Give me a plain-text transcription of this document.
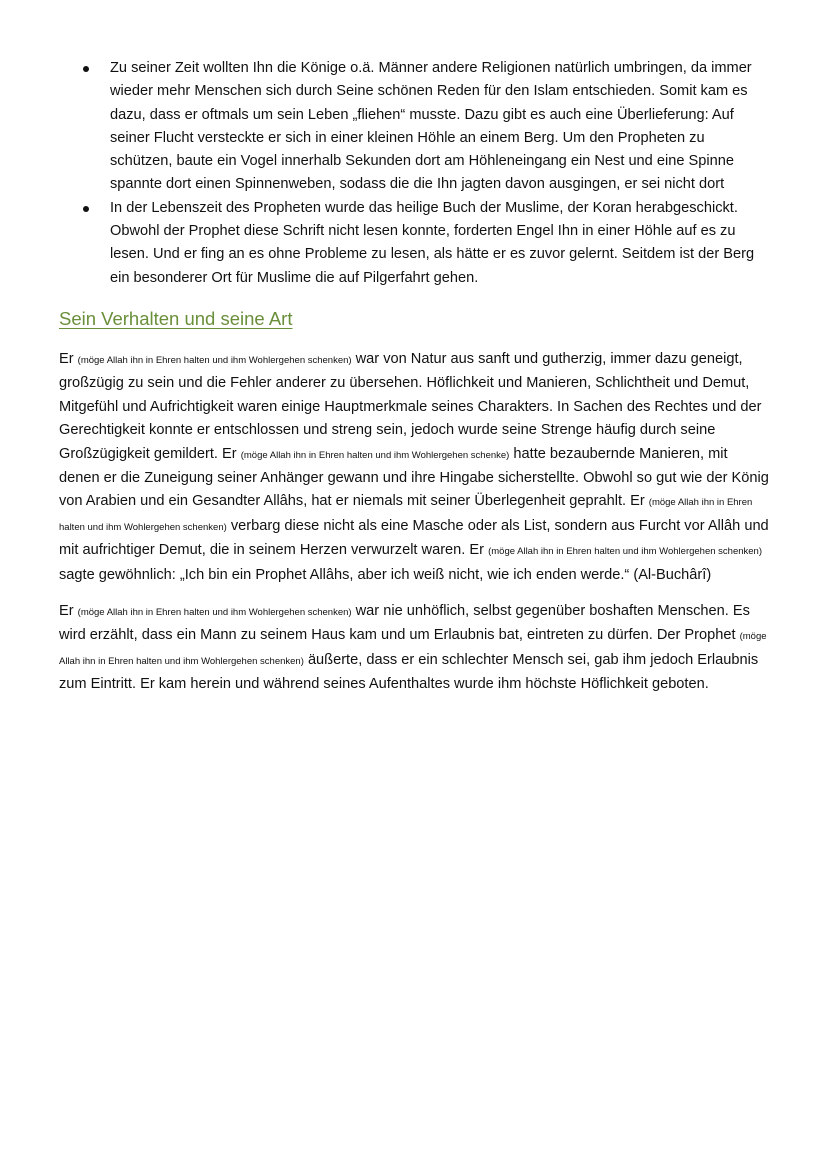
Zu seiner Zeit wollten Ihn die Könige o.ä. Männer andere Religionen natürlich umbringen, da immer wieder mehr Menschen sich durch Seine schönen Reden für den Islam entschieden. Somit kam es dazu, dass er oftmals um sein Leben „fliehen“ musste. Dazu gibt es auch eine Überlieferung: Auf seiner Flucht versteckte er sich in einer kleinen Höhle an einem Berg. Um den Propheten zu schützen, baute ein Vogel innerhalb Sekunden dort am Höhleneingang ein Nest und eine Spinne spannte dort einen Spinnenweben, sodass die die Ihn jagten davon ausgingen, er sei nicht dort
In der Lebenszeit des Propheten wurde das heilige Buch der Muslime, der Koran herabgeschickt. Obwohl der Prophet diese Schrift nicht lesen konnte, forderten Engel Ihn in einer Höhle auf es zu lesen. Und er fing an es ohne Probleme zu lesen, als hätte er es zuvor gelernt. Seitdem ist der Berg ein besonderer Ort für Muslime die auf Pilgerfahrt gehen.
Sein Verhalten und seine Art

Er (möge Allah ihn in Ehren halten und ihm Wohlergehen schenken) war von Natur aus sanft und gutherzig, immer dazu geneigt, großzügig zu sein und die Fehler anderer zu übersehen. Höflichkeit und Manieren, Schlichtheit und Demut, Mitgefühl und Aufrichtigkeit waren einige Hauptmerkmale seines Charakters. In Sachen des Rechtes und der Gerechtigkeit konnte er entschlossen und streng sein, jedoch wurde seine Strenge häufig durch seine Großzügigkeit gemildert. Er (möge Allah ihn in Ehren halten und ihm Wohlergehen schenke) hatte bezaubernde Manieren, mit denen er die Zuneigung seiner Anhänger gewann und ihre Hingabe sicherstellte. Obwohl so gut wie der König von Arabien und ein Gesandter Allâhs, hat er niemals mit seiner Überlegenheit geprahlt. Er (möge Allah ihn in Ehren halten und ihm Wohlergehen schenken) verbarg diese nicht als eine Masche oder als List, sondern aus Furcht vor Allâh und mit aufrichtiger Demut, die in seinem Herzen verwurzelt waren. Er (möge Allah ihn in Ehren halten und ihm Wohlergehen schenken) sagte gewöhnlich: „Ich bin ein Prophet Allâhs, aber ich weiß nicht, wie ich enden werde.“ (Al-Buchârî)

Er (möge Allah ihn in Ehren halten und ihm Wohlergehen schenken) war nie unhöflich, selbst gegenüber boshaften Menschen. Es wird erzählt, dass ein Mann zu seinem Haus kam und um Erlaubnis bat, eintreten zu dürfen. Der Prophet (möge Allah ihn in Ehren halten und ihm Wohlergehen schenken) äußerte, dass er ein schlechter Mensch sei, gab ihm jedoch Erlaubnis zum Eintritt. Er kam herein und während seines Aufenthaltes wurde ihm höchste Höflichkeit geboten.
